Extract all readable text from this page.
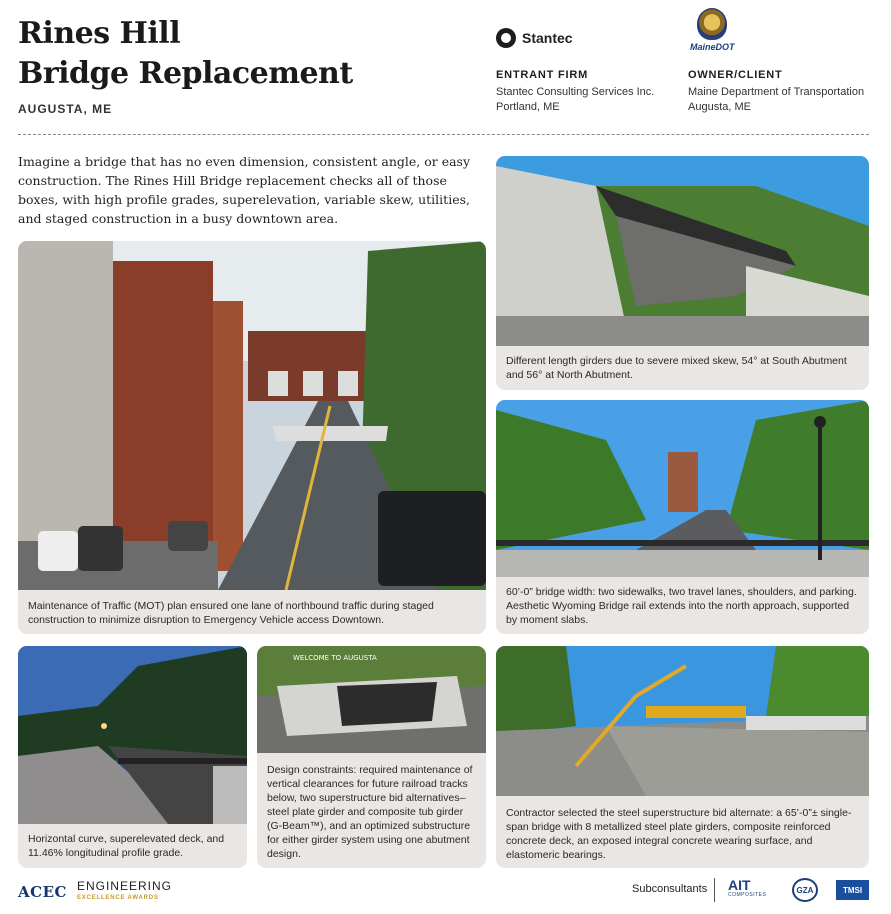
Rines Hill
Bridge Replacement
AUGUSTA, ME
Stantec
MaineDOT
ENTRANT FIRM
Stantec Consulting Services Inc.
Portland, ME
OWNER/CLIENT
Maine Department of Transportation
Augusta, ME

Imagine a bridge that has no even dimension, consistent angle, or easy construction. The Rines Hill Bridge replacement checks all of those boxes, with high profile grades, superelevation, variable skew, utilities, and staged construction in a busy downtown area.

Maintenance of Traffic (MOT) plan ensured one lane of northbound traffic during staged construction to minimize disruption to Emergency Vehicle access Downtown.
Different length girders due to severe mixed skew, 54° at South Abutment and 56° at North Abutment.
60’-0” bridge width: two sidewalks, two travel lanes, shoulders, and parking. Aesthetic Wyoming Bridge rail extends into the north approach, supported by moment slabs.
Horizontal curve, superelevated deck, and 11.46% longitudinal profile grade.
WELCOME TO AUGUSTA
Design constraints: required maintenance of vertical clearances for future railroad tracks below, two superstructure bid alternatives–steel plate girder and composite tub girder (G-Beam™), and an optimized substructure for either girder system using one abutment design.
Contractor selected the steel superstructure bid alternate: a 65’-0”± single-span bridge with 8 metallized steel plate girders, composite reinforced concrete deck, an exposed integral concrete wearing surface, and elastomeric bearings.
ACEC ENGINEERING
EXCELLENCE AWARDS
Subconsultants AIT
COMPOSITES
GZA	TMSI
